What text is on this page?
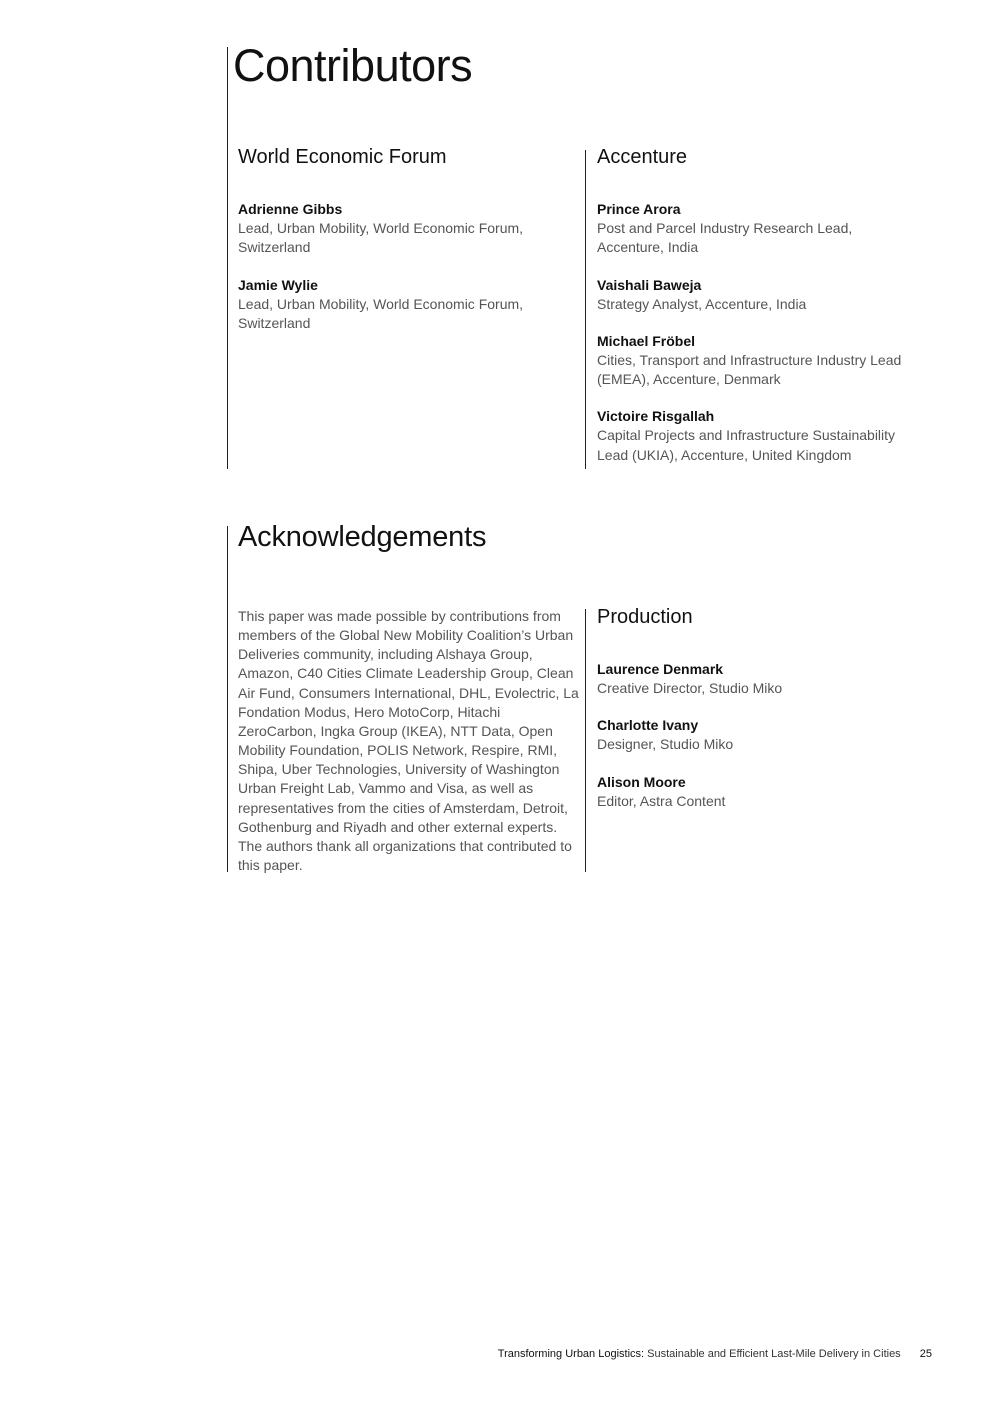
Contributors
World Economic Forum
Adrienne Gibbs
Lead, Urban Mobility, World Economic Forum, Switzerland
Jamie Wylie
Lead, Urban Mobility, World Economic Forum, Switzerland
Accenture
Prince Arora
Post and Parcel Industry Research Lead, Accenture, India
Vaishali Baweja
Strategy Analyst, Accenture, India
Michael Fröbel
Cities, Transport and Infrastructure Industry Lead (EMEA), Accenture, Denmark
Victoire Risgallah
Capital Projects and Infrastructure Sustainability Lead (UKIA), Accenture, United Kingdom
Acknowledgements

This paper was made possible by contributions from members of the Global New Mobility Coalition’s Urban Deliveries community, including Alshaya Group, Amazon, C40 Cities Climate Leadership Group, Clean Air Fund, Consumers International, DHL, Evolectric, La Fondation Modus, Hero MotoCorp, Hitachi ZeroCarbon, Ingka Group (IKEA), NTT Data, Open Mobility Foundation, POLIS Network, Respire, RMI, Shipa, Uber Technologies, University of Washington Urban Freight Lab, Vammo and Visa, as well as representatives from the cities of Amsterdam, Detroit, Gothenburg and Riyadh and other external experts. The authors thank all organizations that contributed to this paper.

Production
Laurence Denmark
Creative Director, Studio Miko
Charlotte Ivany
Designer, Studio Miko
Alison Moore
Editor, Astra Content
Transforming Urban Logistics: Sustainable and Efficient Last-Mile Delivery in Cities 25
